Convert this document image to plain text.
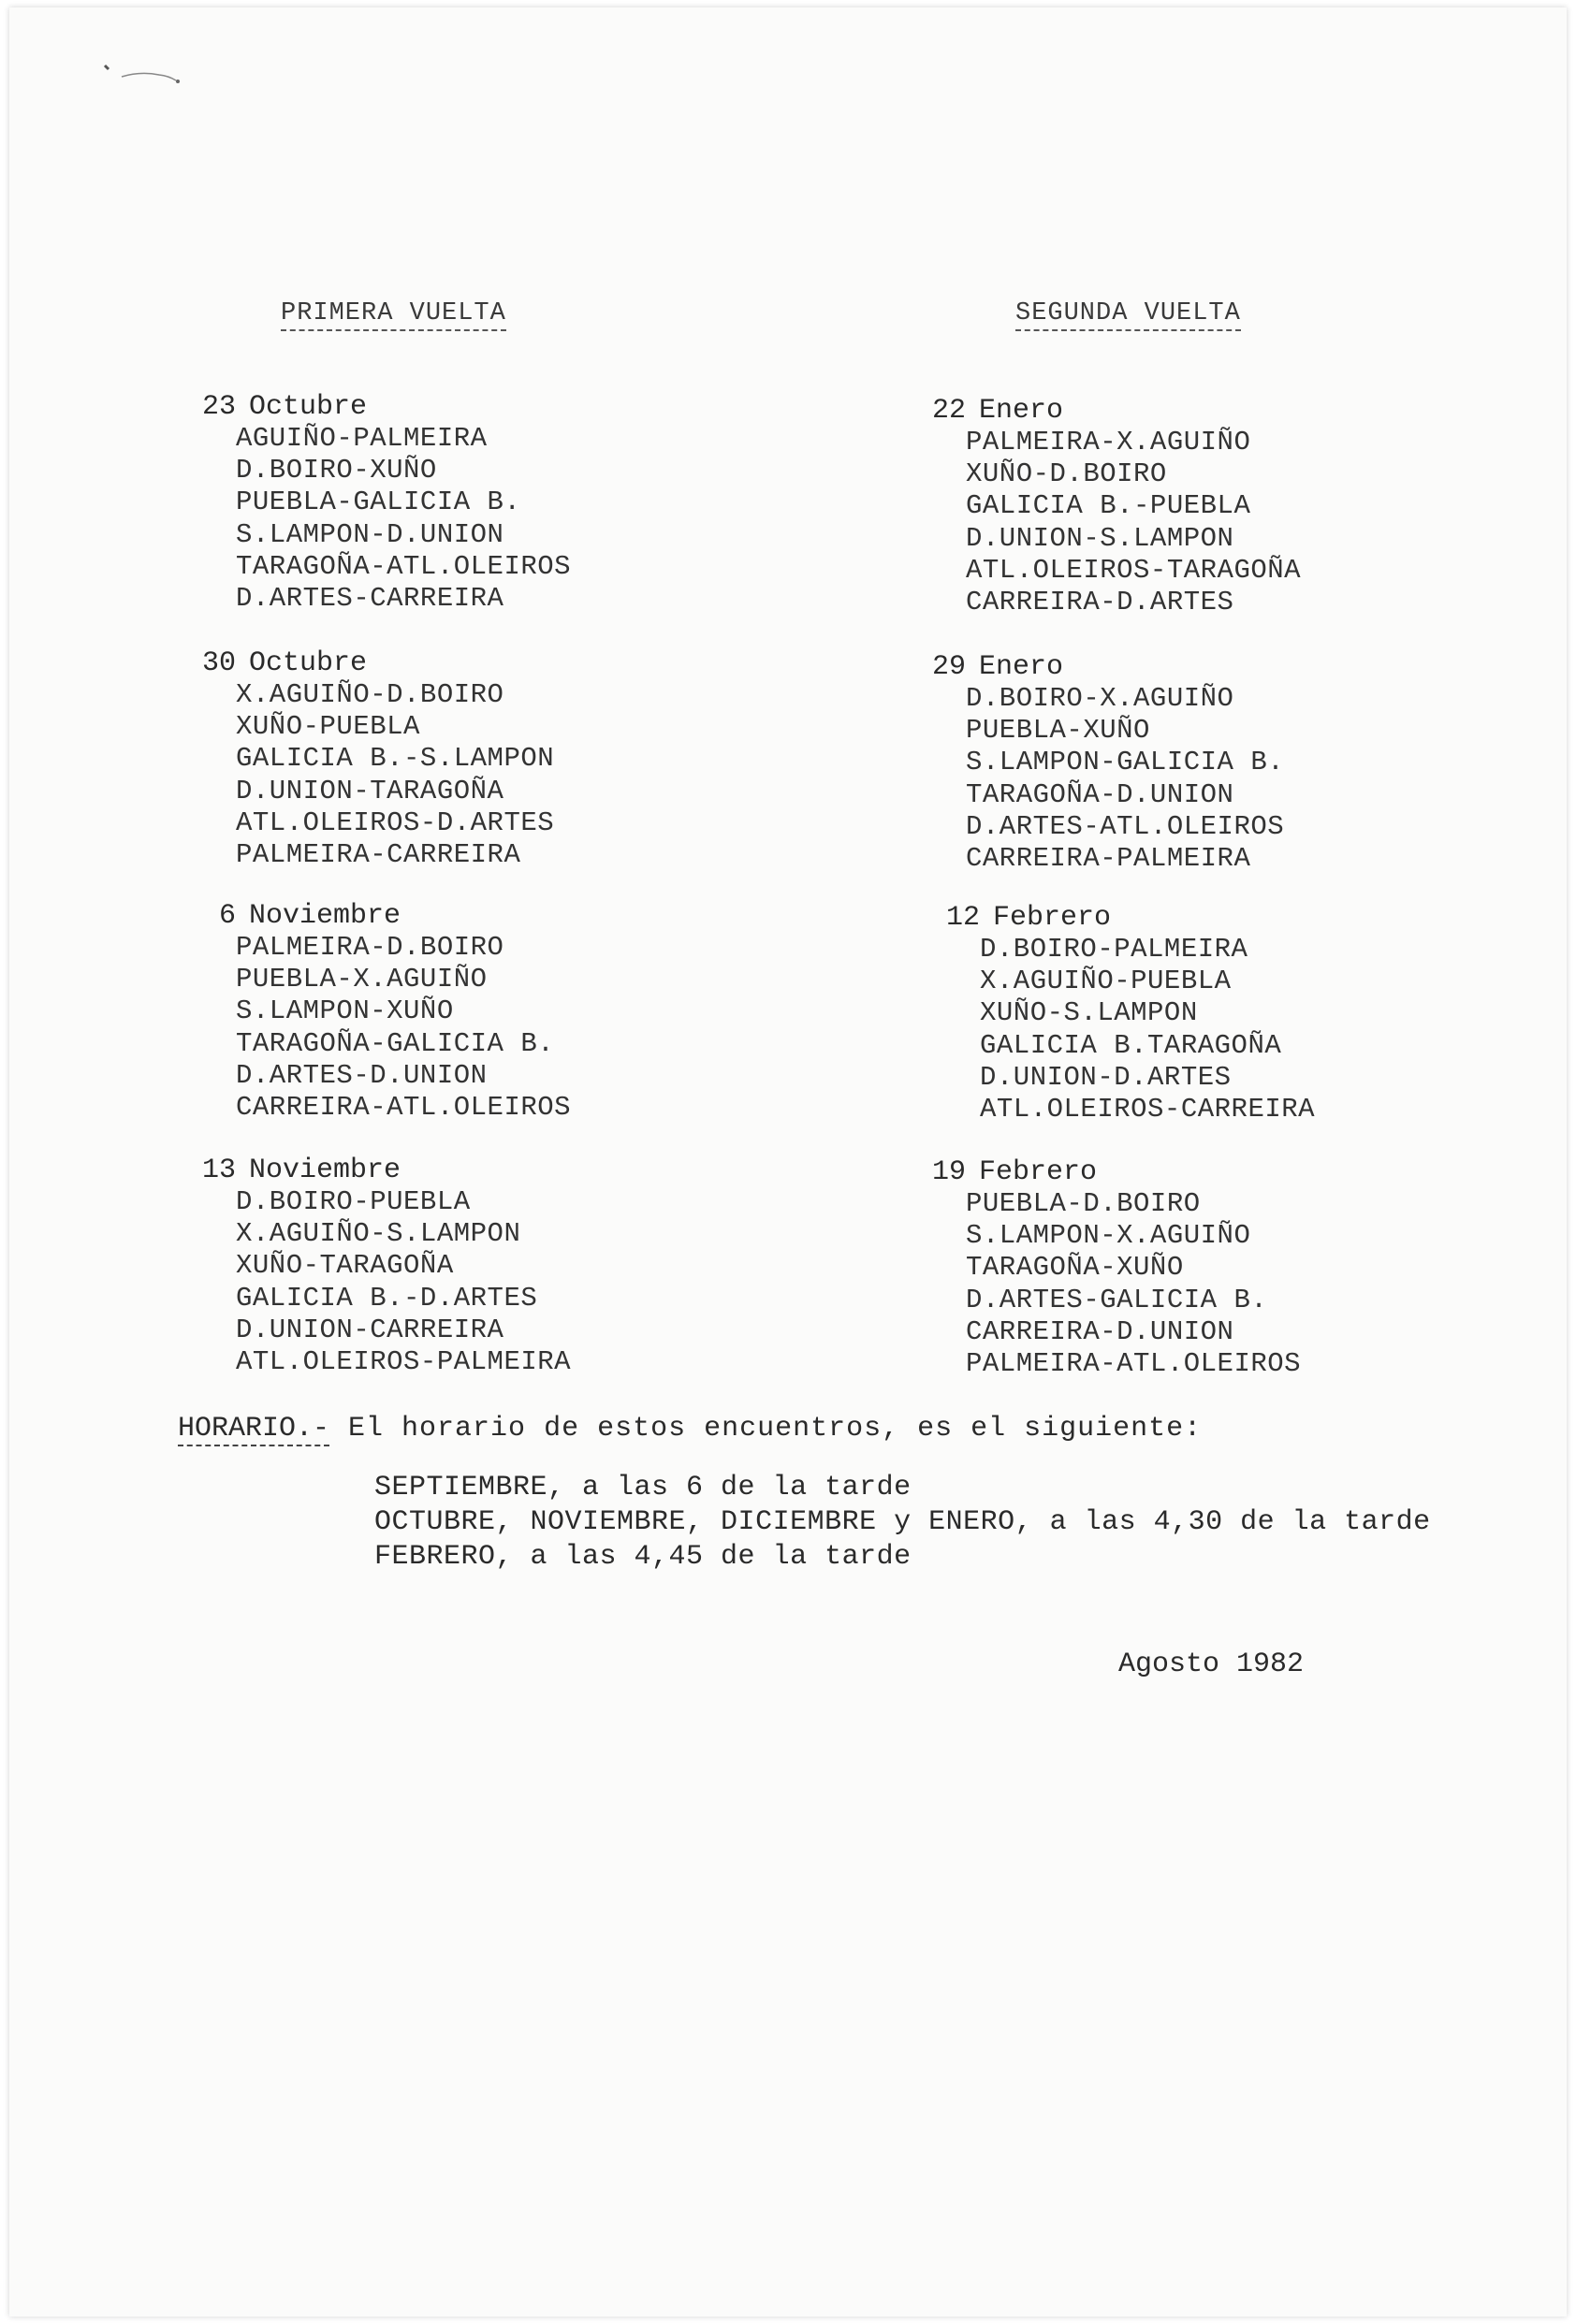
PRIMERA VUELTA	SEGUNDA VUELTA
23 Octubre
AGUIÑO-PALMEIRA
D.BOIRO-XUÑO
PUEBLA-GALICIA B.
S.LAMPON-D.UNION
TARAGOÑA-ATL.OLEIROS
D.ARTES-CARREIRA
30 Octubre
X.AGUIÑO-D.BOIRO
XUÑO-PUEBLA
GALICIA B.-S.LAMPON
D.UNION-TARAGOÑA
ATL.OLEIROS-D.ARTES
PALMEIRA-CARREIRA
6 Noviembre
PALMEIRA-D.BOIRO
PUEBLA-X.AGUIÑO
S.LAMPON-XUÑO
TARAGOÑA-GALICIA B.
D.ARTES-D.UNION
CARREIRA-ATL.OLEIROS
13 Noviembre
D.BOIRO-PUEBLA
X.AGUIÑO-S.LAMPON
XUÑO-TARAGOÑA
GALICIA B.-D.ARTES
D.UNION-CARREIRA
ATL.OLEIROS-PALMEIRA
22 Enero
PALMEIRA-X.AGUIÑO
XUÑO-D.BOIRO
GALICIA B.-PUEBLA
D.UNION-S.LAMPON
ATL.OLEIROS-TARAGOÑA
CARREIRA-D.ARTES
29 Enero
D.BOIRO-X.AGUIÑO
PUEBLA-XUÑO
S.LAMPON-GALICIA B.
TARAGOÑA-D.UNION
D.ARTES-ATL.OLEIROS
CARREIRA-PALMEIRA
12 Febrero
D.BOIRO-PALMEIRA
X.AGUIÑO-PUEBLA
XUÑO-S.LAMPON
GALICIA B.TARAGOÑA
D.UNION-D.ARTES
ATL.OLEIROS-CARREIRA
19 Febrero
PUEBLA-D.BOIRO
S.LAMPON-X.AGUIÑO
TARAGOÑA-XUÑO
D.ARTES-GALICIA B.
CARREIRA-D.UNION
PALMEIRA-ATL.OLEIROS
HORARIO.- El horario de estos encuentros, es el siguiente:
SEPTIEMBRE, a las 6 de la tarde
OCTUBRE, NOVIEMBRE, DICIEMBRE y ENERO, a las 4,30 de la tarde
FEBRERO, a las 4,45 de la tarde
Agosto 1982
